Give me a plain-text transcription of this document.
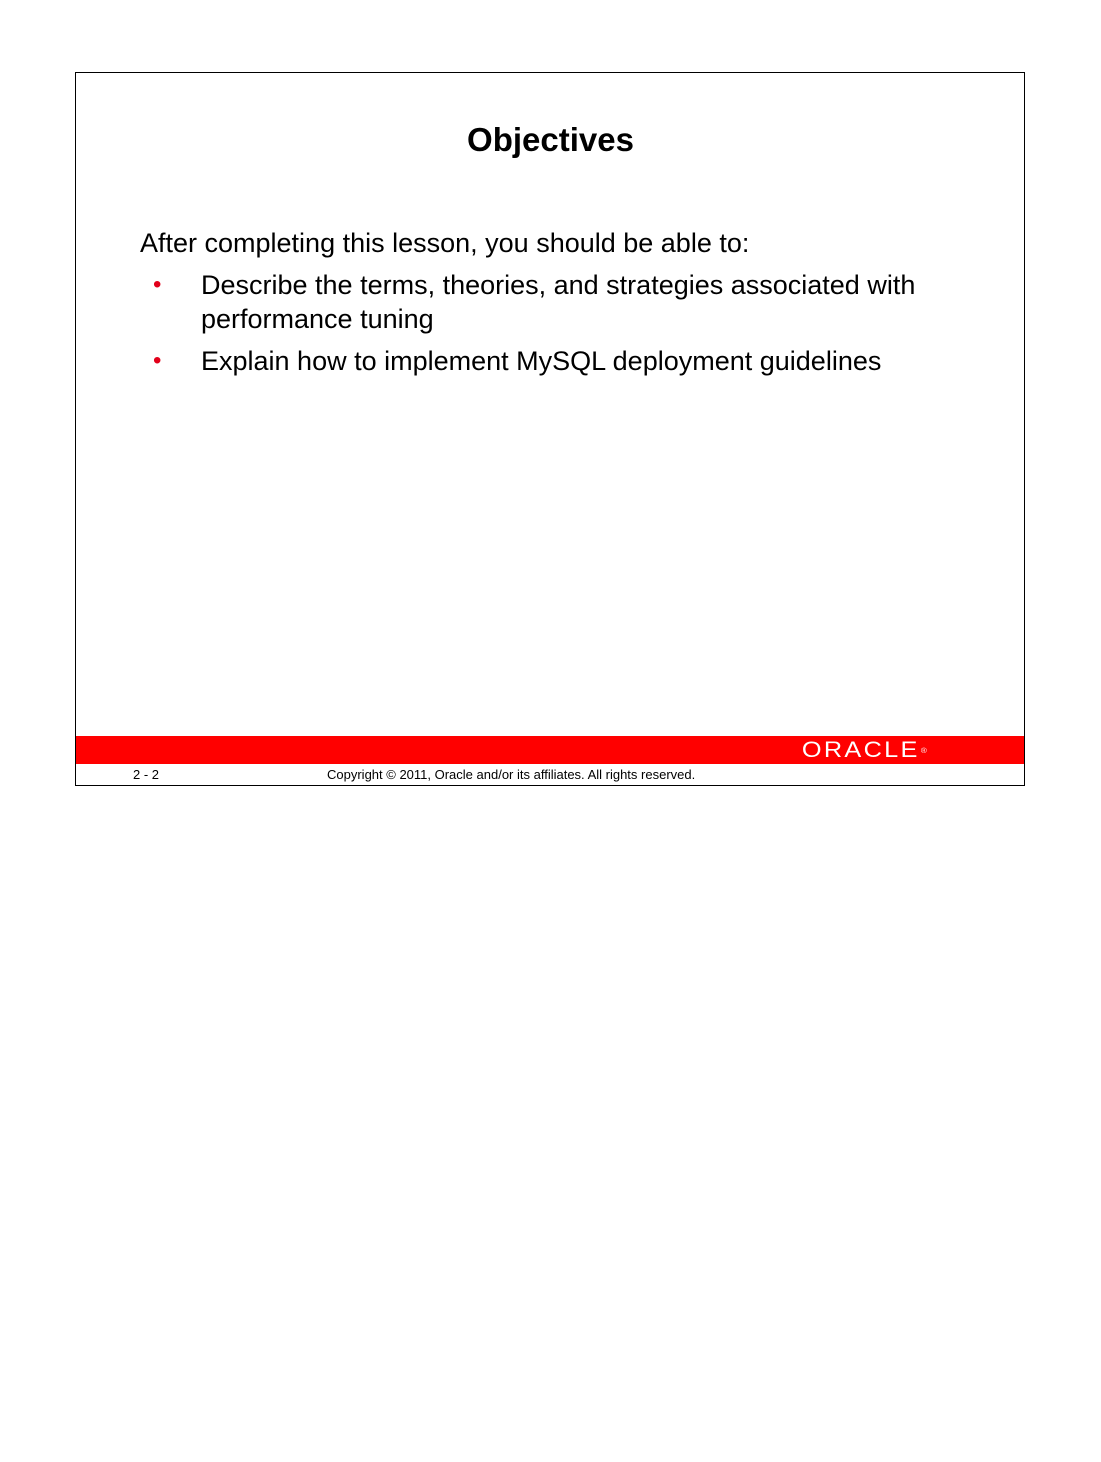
Objectives
After completing this lesson, you should be able to:
• Describe the terms, theories, and strategies associated with performance tuning
• Explain how to implement MySQL deployment guidelines
ORACLE®
2 - 2	Copyright © 2011, Oracle and/or its affiliates. All rights reserved.
